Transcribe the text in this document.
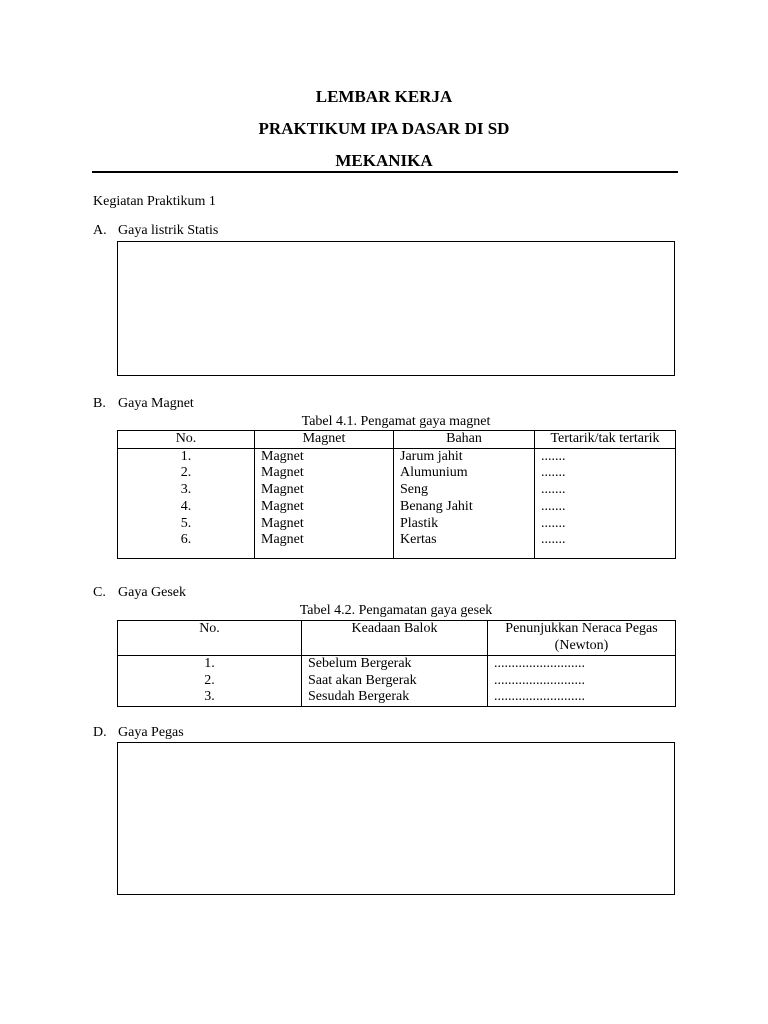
LEMBAR KERJA
PRAKTIKUM IPA DASAR DI SD
MEKANIKA
Kegiatan Praktikum 1
A. Gaya listrik Statis
B. Gaya Magnet
Tabel 4.1. Pengamat gaya magnet
No.	Magnet	Bahan	Tertarik/tak tertarik
1.	Magnet	Jarum jahit	.......
2.	Magnet	Alumunium	.......
3.	Magnet	Seng	.......
4.	Magnet	Benang Jahit	.......
5.	Magnet	Plastik	.......
6.	Magnet	Kertas	.......
C. Gaya Gesek
Tabel 4.2. Pengamatan gaya gesek
No.	Keadaan Balok	Penunjukkan Neraca Pegas
(Newton)

1.	Sebelum Bergerak	..........................
2.	Saat akan Bergerak	..........................
3.	Sesudah Bergerak	..........................
D. Gaya Pegas
